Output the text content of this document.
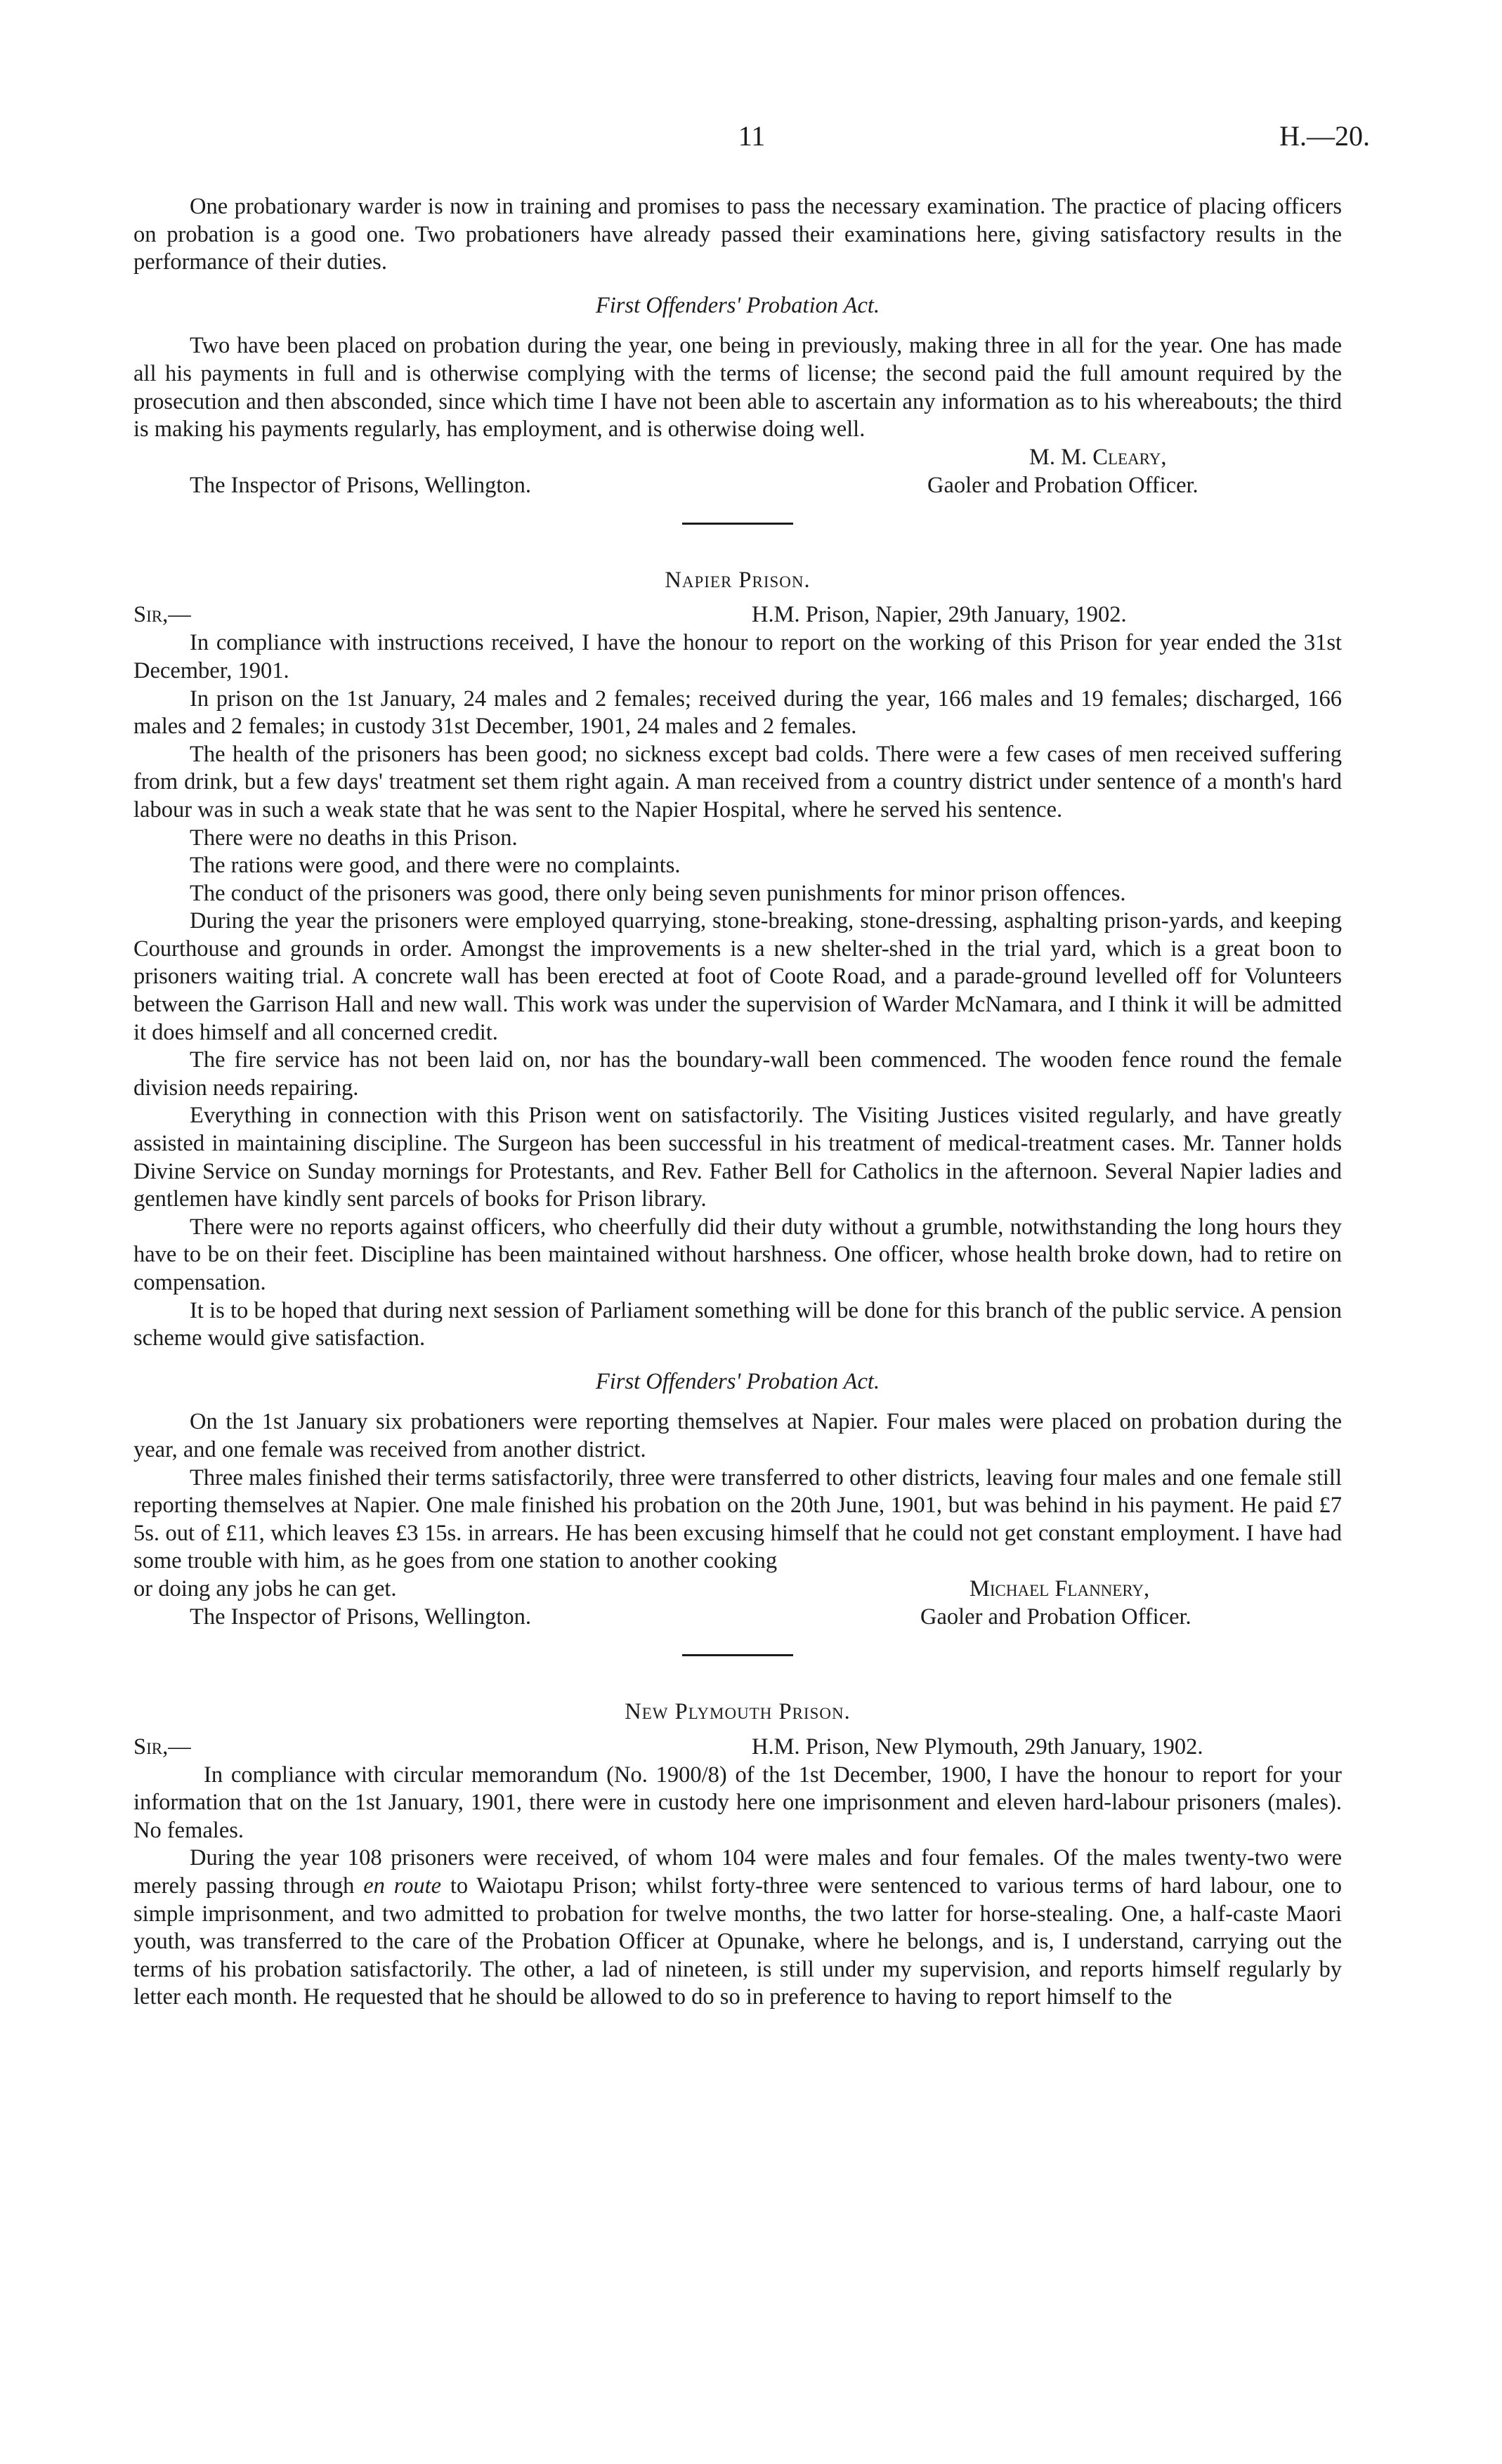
11	H.—20.

One probationary warder is now in training and promises to pass the necessary examination. The practice of placing officers on probation is a good one. Two probationers have already passed their examinations here, giving satisfactory results in the performance of their duties.

First Offenders' Probation Act.

Two have been placed on probation during the year, one being in previously, making three in all for the year. One has made all his payments in full and is otherwise complying with the terms of license; the second paid the full amount required by the prosecution and then absconded, since which time I have not been able to ascertain any information as to his whereabouts; the third is making his payments regularly, has employment, and is otherwise doing well.

M. M. Cleary,
The Inspector of Prisons, Wellington.	Gaoler and Probation Officer.
Napier Prison.
Sir,—	H.M. Prison, Napier, 29th January, 1902.

In compliance with instructions received, I have the honour to report on the working of this Prison for year ended the 31st December, 1901.

In prison on the 1st January, 24 males and 2 females; received during the year, 166 males and 19 females; discharged, 166 males and 2 females; in custody 31st December, 1901, 24 males and 2 females.

The health of the prisoners has been good; no sickness except bad colds. There were a few cases of men received suffering from drink, but a few days' treatment set them right again. A man received from a country district under sentence of a month's hard labour was in such a weak state that he was sent to the Napier Hospital, where he served his sentence.

There were no deaths in this Prison.

The rations were good, and there were no complaints.

The conduct of the prisoners was good, there only being seven punishments for minor prison offences.

During the year the prisoners were employed quarrying, stone-breaking, stone-dressing, asphalting prison-yards, and keeping Courthouse and grounds in order. Amongst the improvements is a new shelter-shed in the trial yard, which is a great boon to prisoners waiting trial. A concrete wall has been erected at foot of Coote Road, and a parade-ground levelled off for Volunteers between the Garrison Hall and new wall. This work was under the supervision of Warder McNamara, and I think it will be admitted it does himself and all concerned credit.

The fire service has not been laid on, nor has the boundary-wall been commenced. The wooden fence round the female division needs repairing.

Everything in connection with this Prison went on satisfactorily. The Visiting Justices visited regularly, and have greatly assisted in maintaining discipline. The Surgeon has been successful in his treatment of medical-treatment cases. Mr. Tanner holds Divine Service on Sunday mornings for Protestants, and Rev. Father Bell for Catholics in the afternoon. Several Napier ladies and gentlemen have kindly sent parcels of books for Prison library.

There were no reports against officers, who cheerfully did their duty without a grumble, notwithstanding the long hours they have to be on their feet. Discipline has been maintained without harshness. One officer, whose health broke down, had to retire on compensation.

It is to be hoped that during next session of Parliament something will be done for this branch of the public service. A pension scheme would give satisfaction.

First Offenders' Probation Act.

On the 1st January six probationers were reporting themselves at Napier. Four males were placed on probation during the year, and one female was received from another district.

Three males finished their terms satisfactorily, three were transferred to other districts, leaving four males and one female still reporting themselves at Napier. One male finished his probation on the 20th June, 1901, but was behind in his payment. He paid £7 5s. out of £11, which leaves £3 15s. in arrears. He has been excusing himself that he could not get constant employment. I have had some trouble with him, as he goes from one station to another cooking

or doing any jobs he can get.	Michael Flannery,
The Inspector of Prisons, Wellington.	Gaoler and Probation Officer.
New Plymouth Prison.
Sir,—	H.M. Prison, New Plymouth, 29th January, 1902.

In compliance with circular memorandum (No. 1900/8) of the 1st December, 1900, I have the honour to report for your information that on the 1st January, 1901, there were in custody here one imprisonment and eleven hard-labour prisoners (males). No females.

During the year 108 prisoners were received, of whom 104 were males and four females. Of the males twenty-two were merely passing through en route to Waiotapu Prison; whilst forty-three were sentenced to various terms of hard labour, one to simple imprisonment, and two admitted to probation for twelve months, the two latter for horse-stealing. One, a half-caste Maori youth, was transferred to the care of the Probation Officer at Opunake, where he belongs, and is, I understand, carrying out the terms of his probation satisfactorily. The other, a lad of nineteen, is still under my supervision, and reports himself regularly by letter each month. He requested that he should be allowed to do so in preference to having to report himself to the
